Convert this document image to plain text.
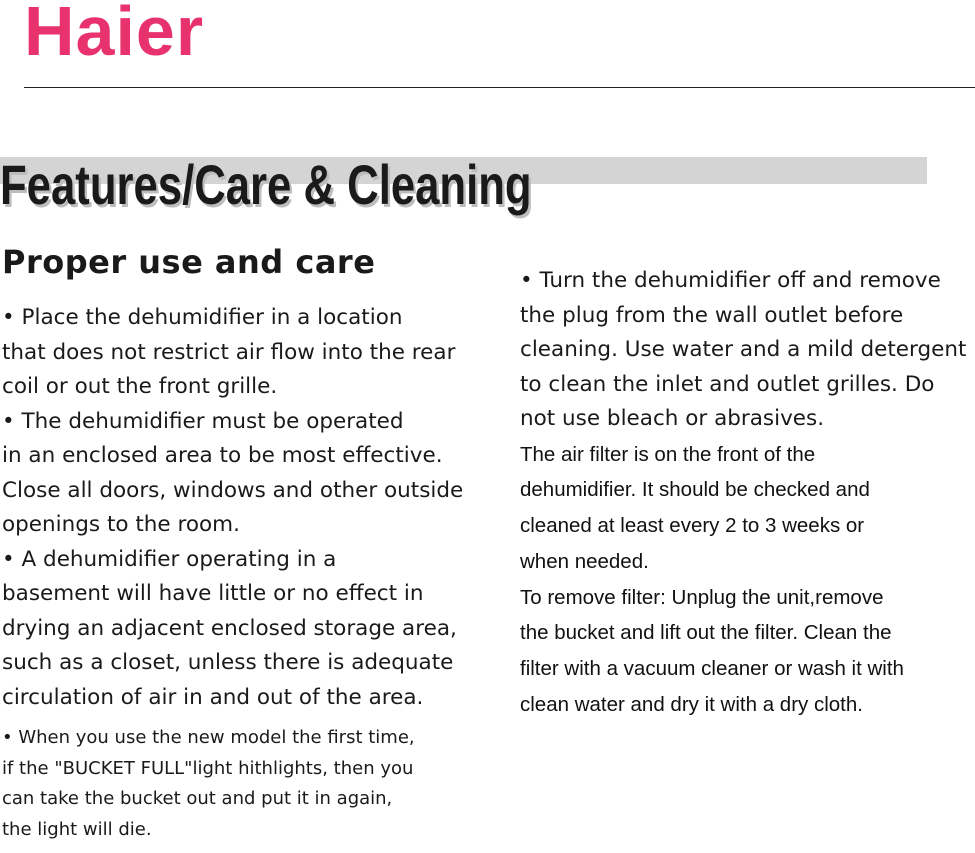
Haier
Features/Care & Cleaning
Proper use and care
• Place the dehumidifier in a location
that does not restrict air flow into the rear
coil or out the front grille.
• The dehumidifier must be operated
in an enclosed area to be most effective.
Close all doors, windows and other outside
openings to the room.
• A dehumidifier operating in a
basement will have little or no effect in
drying an adjacent enclosed storage area,
such as a closet, unless there is adequate
circulation of air in and out of the area.
• When you use the new model the first time,
if the "BUCKET FULL"light hithlights, then you
can take the bucket out and put it in again,
the light will die.
• Turn the dehumidifier off and remove
the plug from the wall outlet before
cleaning. Use water and a mild detergent
to clean the inlet and outlet grilles. Do
not use bleach or abrasives.
The air filter is on the front of the
dehumidifier. It should be checked and
cleaned at least every 2 to 3 weeks or
when needed.
To remove filter: Unplug the unit,remove
the bucket and lift out the filter. Clean the
filter with a vacuum cleaner or wash it with
clean water and dry it with a dry cloth.
